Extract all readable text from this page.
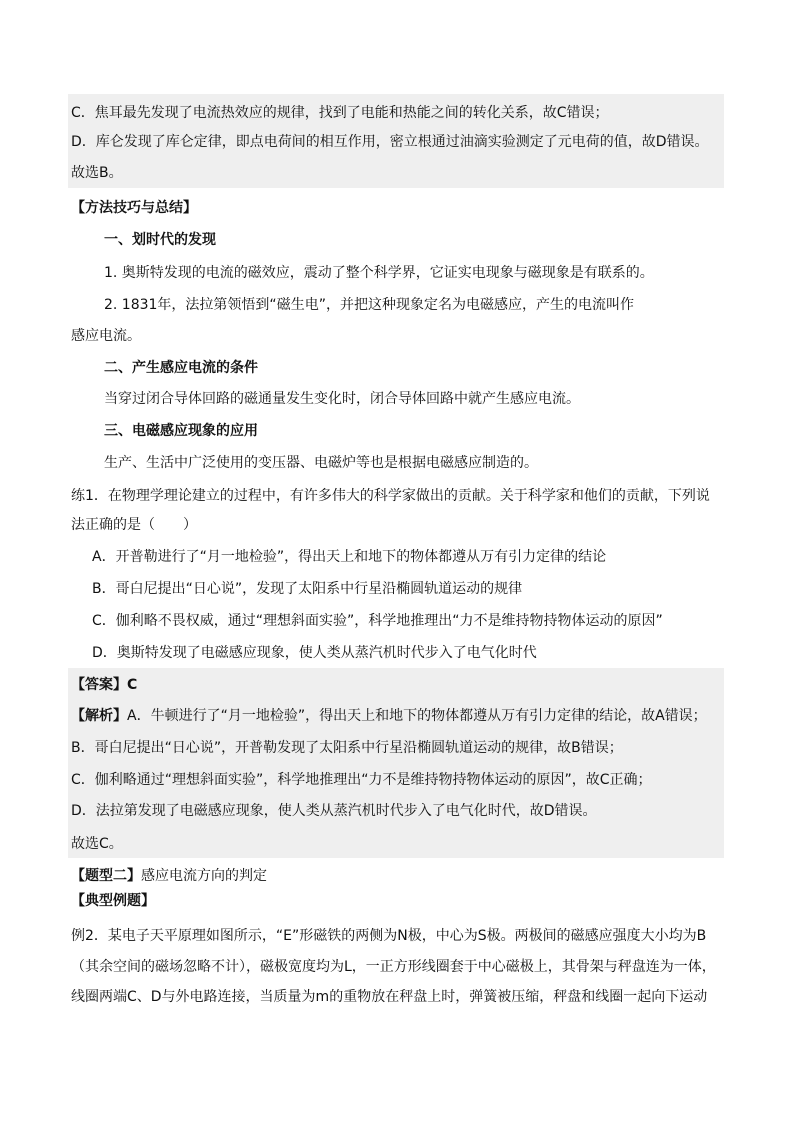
C．焦耳最先发现了电流热效应的规律，找到了电能和热能之间的转化关系，故C错误；
D．库仑发现了库仑定律，即点电荷间的相互作用，密立根通过油滴实验测定了元电荷的值，故D错误。
故选B。
【方法技巧与总结】
一、划时代的发现
1. 奥斯特发现的电流的磁效应，震动了整个科学界，它证实电现象与磁现象是有联系的。
2. 1831年，法拉第领悟到“磁生电”，并把这种现象定名为电磁感应，产生的电流叫作
感应电流。
二、产生感应电流的条件
当穿过闭合导体回路的磁通量发生变化时，闭合导体回路中就产生感应电流。
三、电磁感应现象的应用
生产、生活中广泛使用的变压器、电磁炉等也是根据电磁感应制造的。
练1．在物理学理论建立的过程中，有许多伟大的科学家做出的贡献。关于科学家和他们的贡献，下列说
法正确的是（　　）
A．开普勒进行了“月一地检验”，得出天上和地下的物体都遵从万有引力定律的结论
B．哥白尼提出“日心说”，发现了太阳系中行星沿椭圆轨道运动的规律
C．伽利略不畏权威，通过“理想斜面实验”，科学地推理出“力不是维持物持物体运动的原因”
D．奥斯特发现了电磁感应现象，使人类从蒸汽机时代步入了电气化时代
【答案】C
【解析】A．牛顿进行了“月一地检验”，得出天上和地下的物体都遵从万有引力定律的结论，故A错误；
B．哥白尼提出“日心说”，开普勒发现了太阳系中行星沿椭圆轨道运动的规律，故B错误；
C．伽利略通过“理想斜面实验”，科学地推理出“力不是维持物持物体运动的原因”，故C正确；
D．法拉第发现了电磁感应现象，使人类从蒸汽机时代步入了电气化时代，故D错误。
故选C。
【题型二】感应电流方向的判定
【典型例题】
例2．某电子天平原理如图所示，“E”形磁铁的两侧为N极，中心为S极。两极间的磁感应强度大小均为B
（其余空间的磁场忽略不计），磁极宽度均为L，一正方形线圈套于中心磁极上，其骨架与秤盘连为一体，
线圈两端C、D与外电路连接，当质量为m的重物放在秤盘上时，弹簧被压缩，秤盘和线圈一起向下运动
